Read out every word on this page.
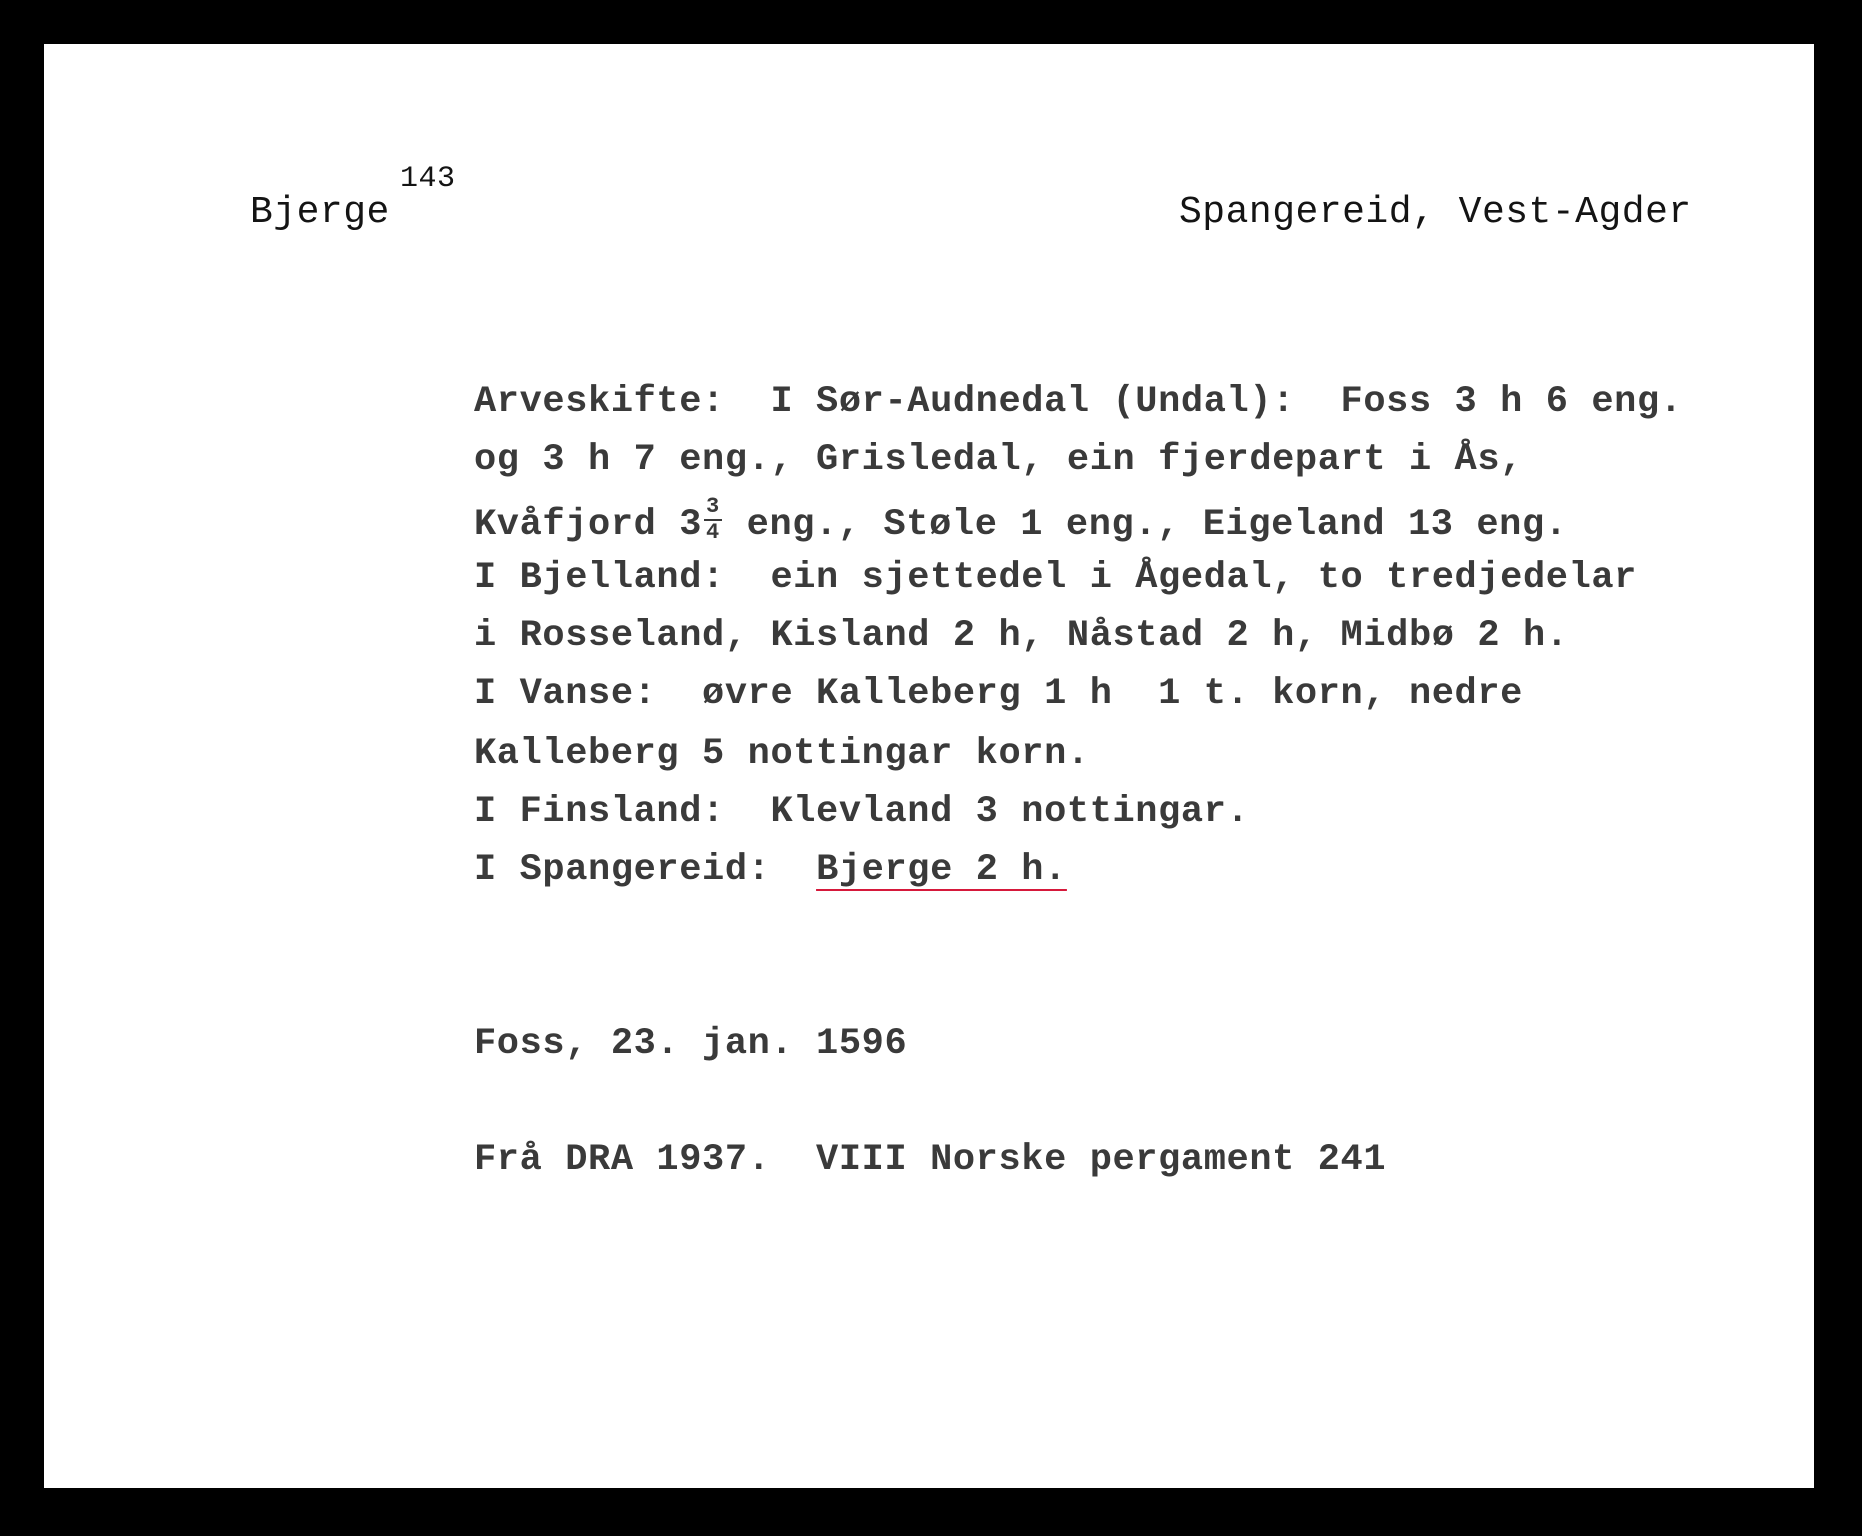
Bjerge
143
Spangereid, Vest-Agder
Arveskifte:  I Sør-Audnedal (Undal):  Foss 3 h 6 eng.
og 3 h 7 eng., Grisledal, ein fjerdepart i Ås,
Kvåfjord $3 \frac{3}{4}$ eng., Støle 1 eng., Eigeland 13 eng.
I Bjelland:  ein sjettedel i Ågedal, to tredjedelar
i Rosseland, Kisland 2 h, Nåstad 2 h, Midbø 2 h.
I Vanse:  øvre Kalleberg 1 h  1 t. korn, nedre
Kalleberg 5 nottingar korn.
I Finsland:  Klevland 3 nottingar.
I Spangereid:  Bjerge 2 h.
Foss, 23. jan. 1596
Frå DRA 1937.  VIII Norske pergament 241
